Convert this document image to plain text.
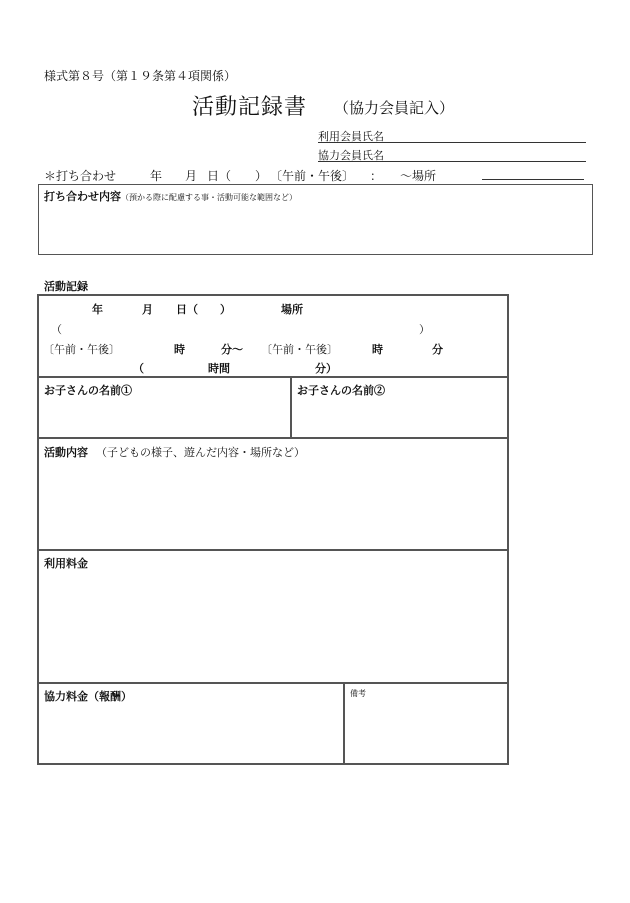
様式第８号（第１９条第４項関係）
活動記録書 （協力会員記入）
利用会員氏名
協力会員氏名
＊打ち合わせ	年 月 日（　　） 〔午前・午後〕 ： ～場所
打ち合わせ内容（預かる際に配慮する事・活動可能な範囲など）
活動記録
年	月 日（　　）	場所
（	）
〔午前・午後〕	時	分～ 〔午前・午後〕	時	分
（	時間	分）
お子さんの名前①	お子さんの名前②
活動内容 （子どもの様子、遊んだ内容・場所など）
利用料金
協力料金（報酬）	備考
